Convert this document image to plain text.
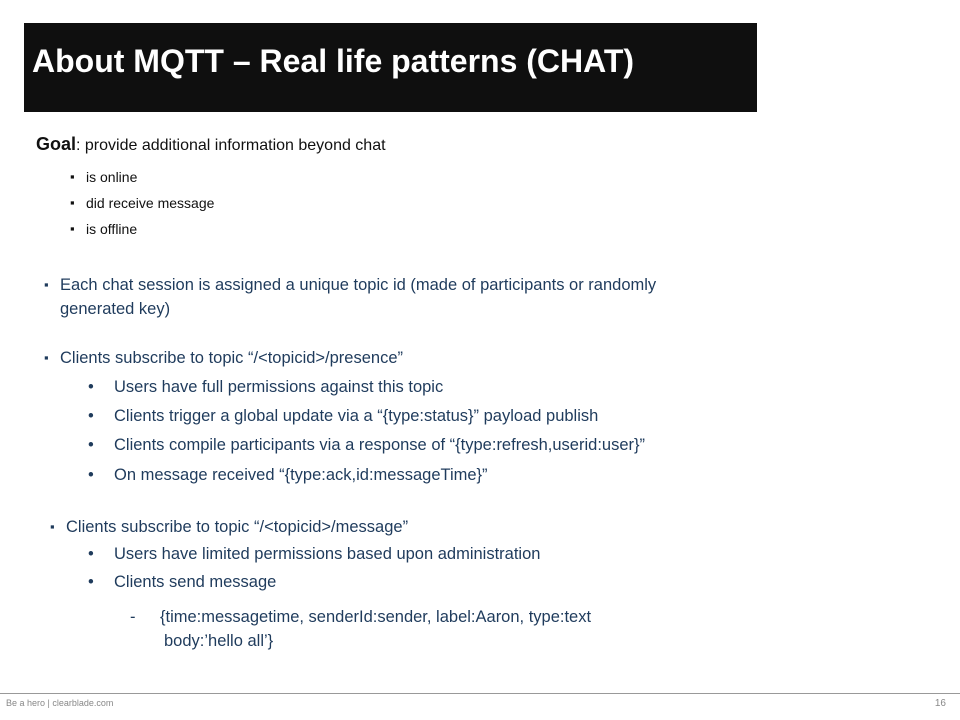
About MQTT – Real life patterns (CHAT)
Goal: provide additional information beyond chat
▪ is online
▪ did receive message
▪ is offline
▪ Each chat session is assigned a unique topic id (made of participants or randomly
generated key)
▪ Clients subscribe to topic “/<topicid>/presence”
• Users have full permissions against this topic
• Clients trigger a global update via a “{type:status}” payload publish
• Clients compile participants via a response of “{type:refresh,userid:user}”
• On message received “{type:ack,id:messageTime}”
▪ Clients subscribe to topic “/<topicid>/message”
• Users have limited permissions based upon administration
• Clients send message
- {time:messagetime, senderId:sender, label:Aaron, type:text
body:’hello all’}
Be a hero | clearblade.com	16
